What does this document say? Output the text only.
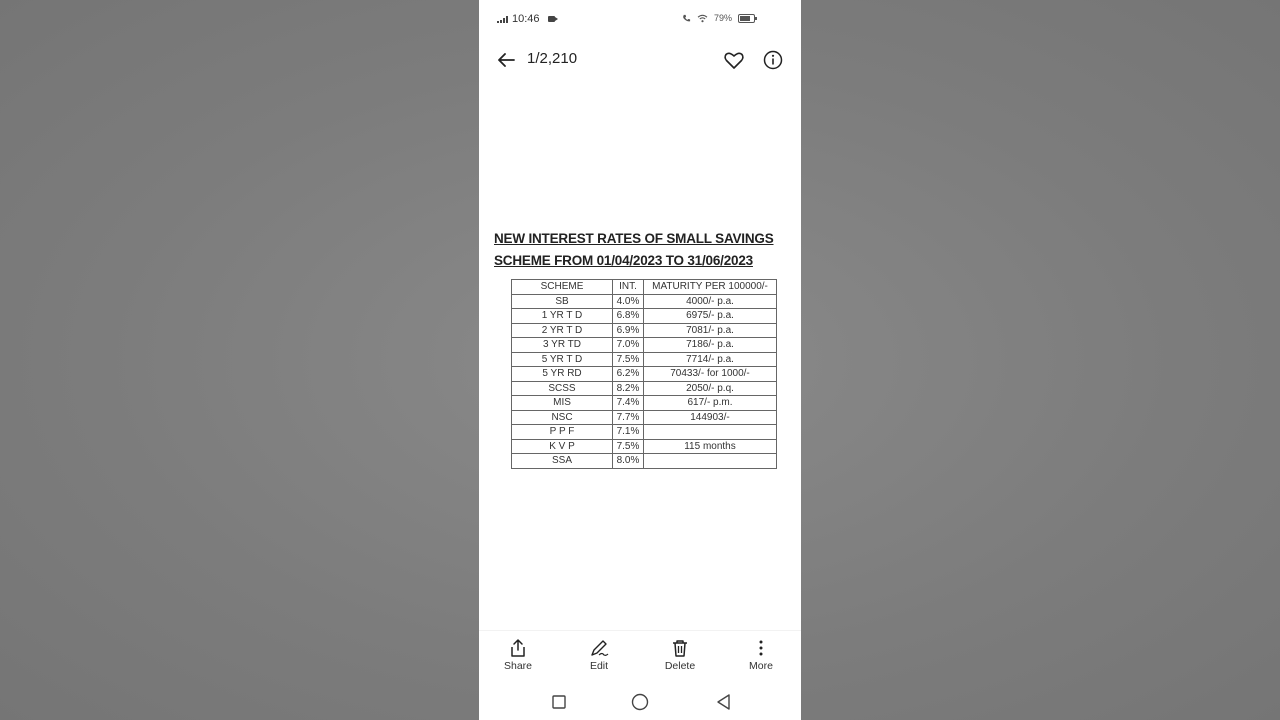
10:46	79%
1/2,210
NEW INTEREST RATES OF SMALL SAVINGS
SCHEME FROM 01/04/2023 TO 31/06/2023
SCHEME	INT.	MATURITY PER 100000/-
SB	4.0%	4000/- p.a.
1 YR T D	6.8%	6975/- p.a.
2 YR T D	6.9%	7081/- p.a.
3 YR TD	7.0%	7186/- p.a.
5 YR T D	7.5%	7714/- p.a.
5 YR RD	6.2%	70433/- for 1000/-
SCSS	8.2%	2050/- p.q.
MIS	7.4%	617/- p.m.
NSC	7.7%	144903/-
P P F	7.1%	
K V P	7.5%	115 months
SSA	8.0%	
Share	Edit	Delete	More
